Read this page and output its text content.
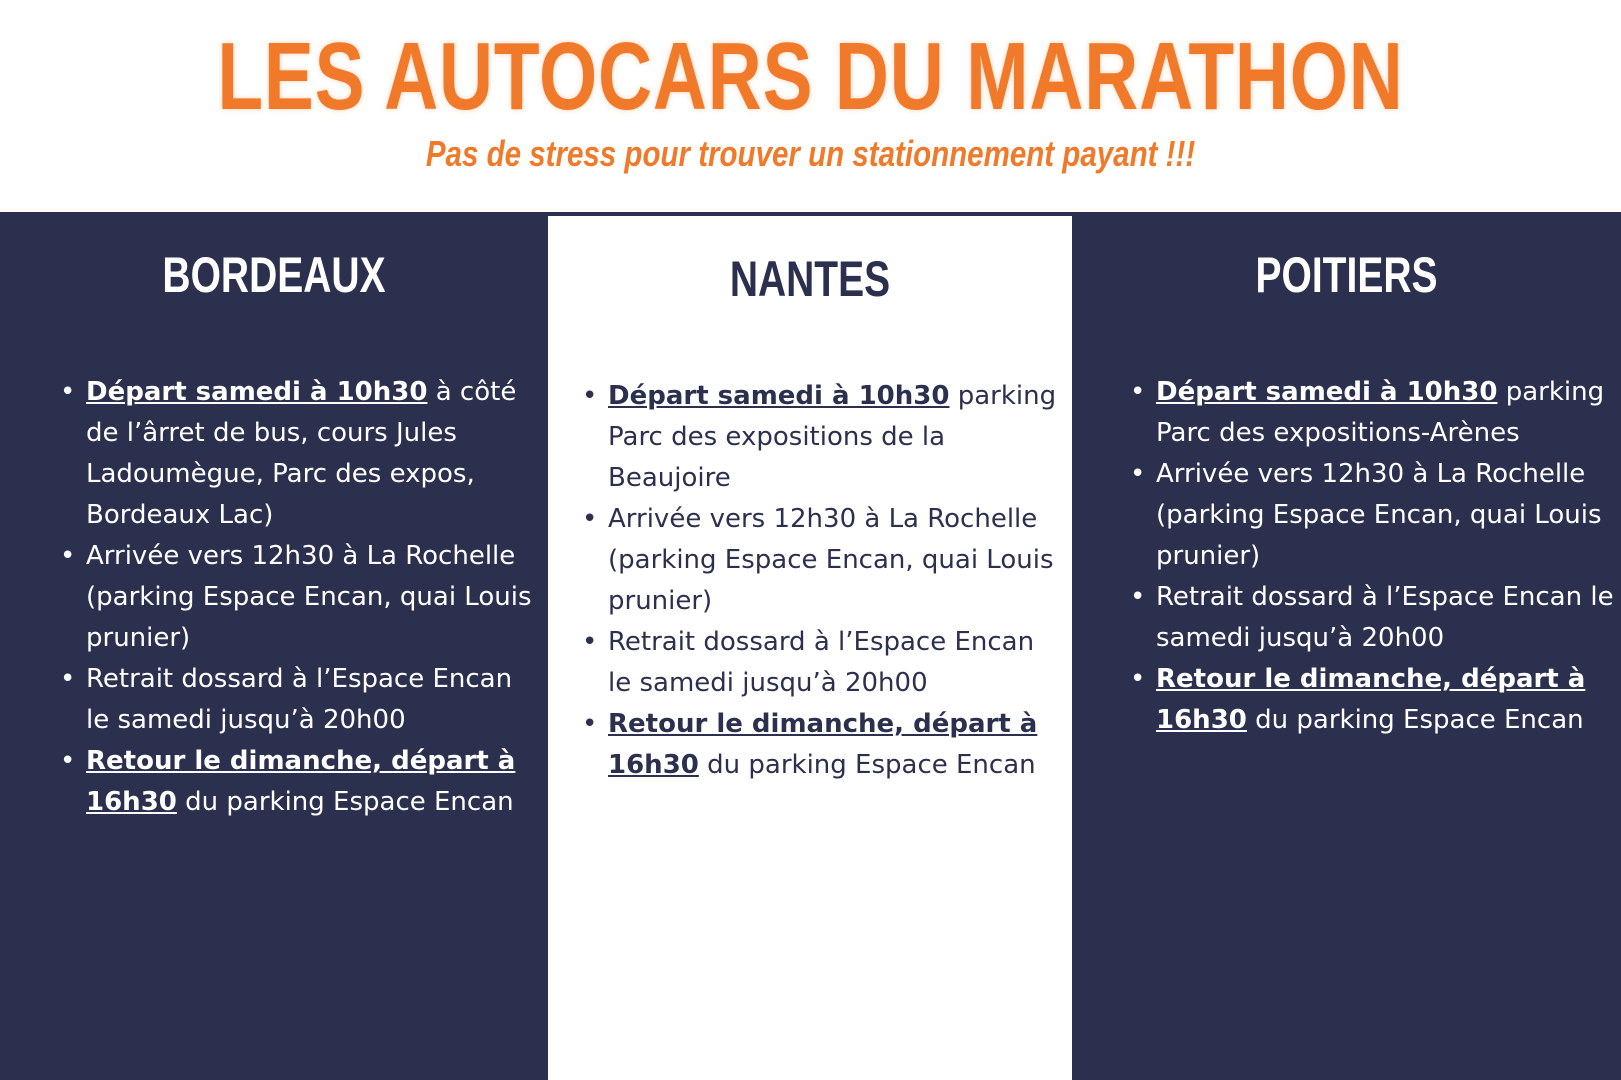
LES AUTOCARS DU MARATHON

Pas de stress pour trouver un stationnement payant !!!

BORDEAUX
• Départ samedi à 10h30 à côté de l’ârret de bus, cours Jules Ladoumègue, Parc des expos, Bordeaux Lac)
• Arrivée vers 12h30 à La Rochelle (parking Espace Encan, quai Louis prunier)
• Retrait dossard à l’Espace Encan le samedi jusqu’à 20h00
• Retour le dimanche, départ à 16h30 du parking Espace Encan
NANTES
• Départ samedi à 10h30 parking Parc des expositions de la Beaujoire
• Arrivée vers 12h30 à La Rochelle (parking Espace Encan, quai Louis prunier)
• Retrait dossard à l’Espace Encan le samedi jusqu’à 20h00
• Retour le dimanche, départ à 16h30 du parking Espace Encan
POITIERS
• Départ samedi à 10h30 parking Parc des expositions-Arènes
• Arrivée vers 12h30 à La Rochelle (parking Espace Encan, quai Louis prunier)
• Retrait dossard à l’Espace Encan le samedi jusqu’à 20h00
• Retour le dimanche, départ à 16h30 du parking Espace Encan
